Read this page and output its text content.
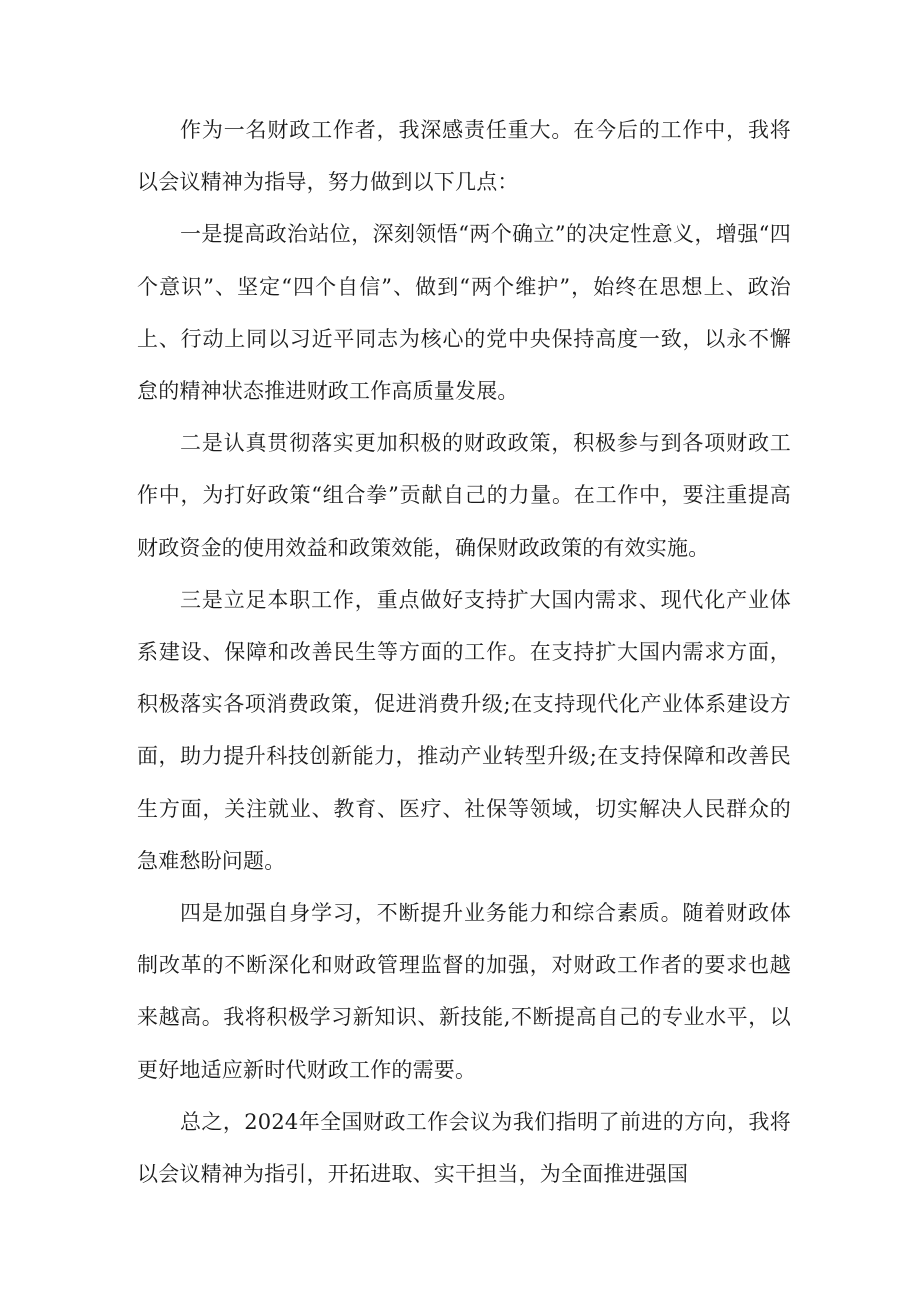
作为一名财政工作者，我深感责任重大。在今后的工作中，我将以会议精神为指导，努力做到以下几点：

一是提高政治站位，深刻领悟“两个确立”的决定性意义，增强“四个意识”、坚定“四个自信”、做到“两个维护”，始终在思想上、政治上、行动上同以习近平同志为核心的党中央保持高度一致，以永不懈怠的精神状态推进财政工作高质量发展。

二是认真贯彻落实更加积极的财政政策，积极参与到各项财政工作中，为打好政策“组合拳”贡献自己的力量。在工作中，要注重提高财政资金的使用效益和政策效能，确保财政政策的有效实施。

三是立足本职工作，重点做好支持扩大国内需求、现代化产业体系建设、保障和改善民生等方面的工作。在支持扩大国内需求方面，积极落实各项消费政策，促进消费升级;在支持现代化产业体系建设方面，助力提升科技创新能力，推动产业转型升级;在支持保障和改善民生方面，关注就业、教育、医疗、社保等领域，切实解决人民群众的急难愁盼问题。

四是加强自身学习，不断提升业务能力和综合素质。随着财政体制改革的不断深化和财政管理监督的加强，对财政工作者的要求也越来越高。我将积极学习新知识、新技能,不断提高自己的专业水平，以更好地适应新时代财政工作的需要。

总之，2024年全国财政工作会议为我们指明了前进的方向，我将以会议精神为指引，开拓进取、实干担当，为全面推进强国
